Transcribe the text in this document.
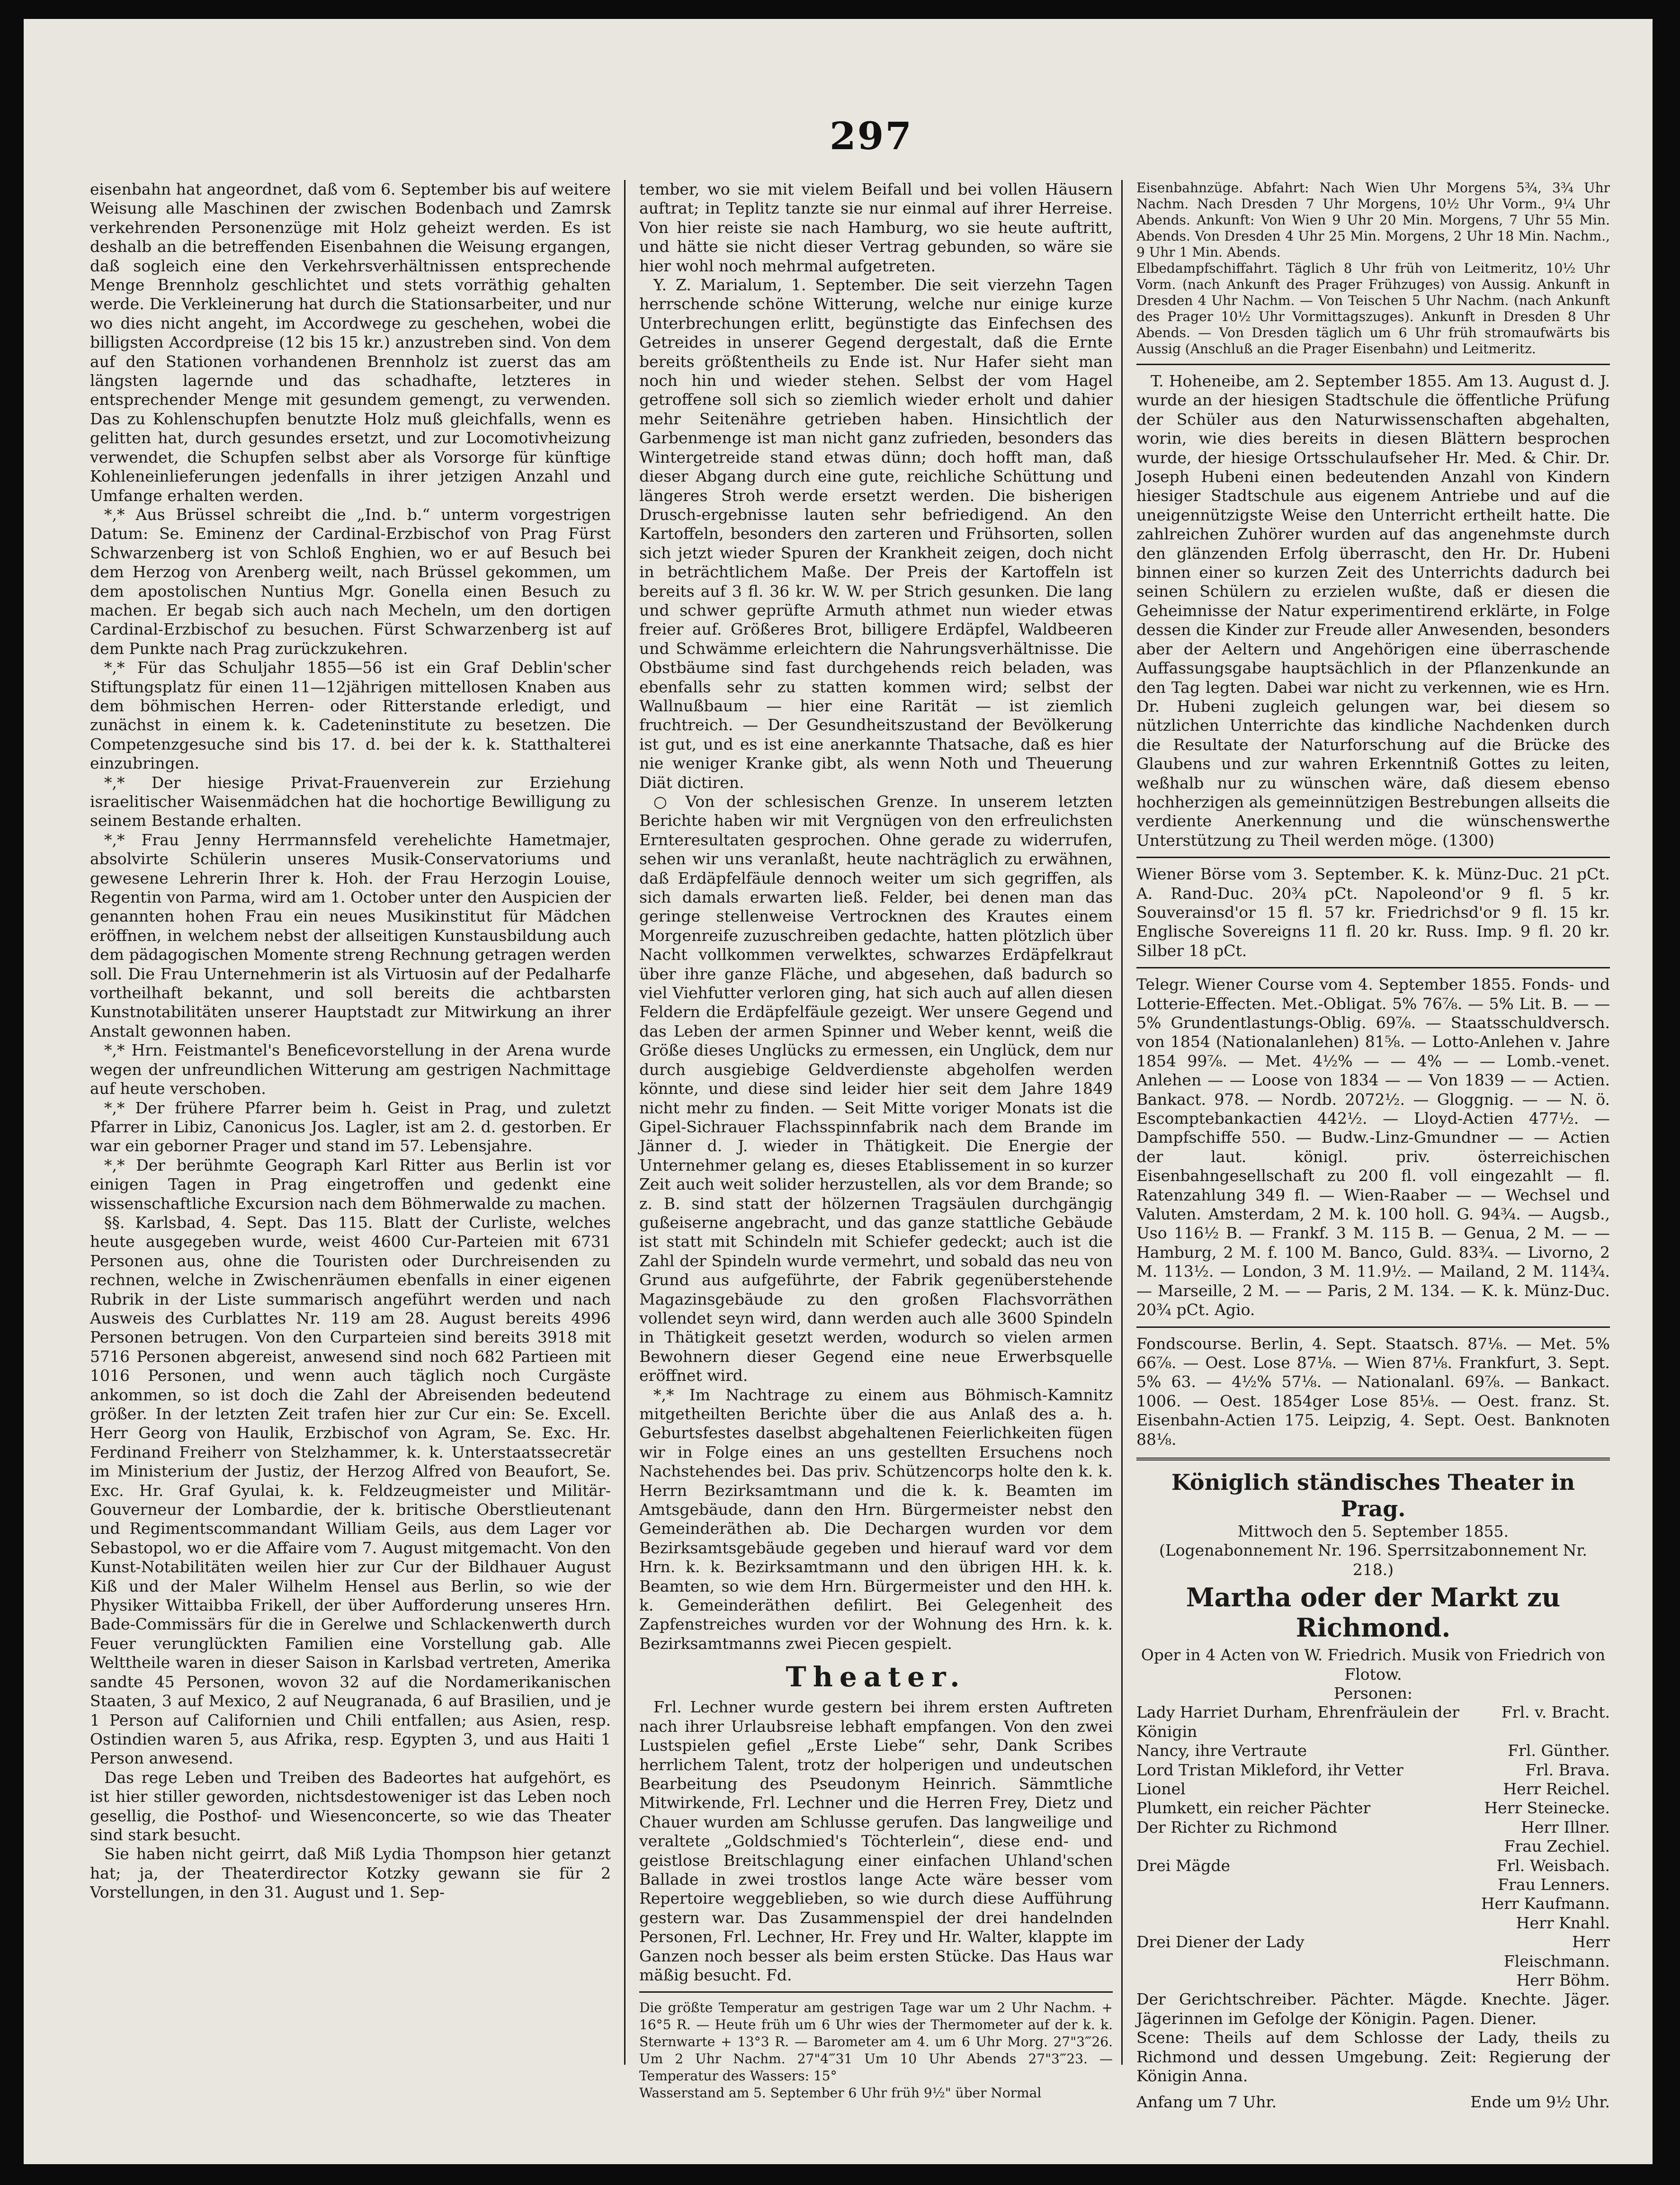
297

eisenbahn hat angeordnet, daß vom 6. September bis auf weitere Weisung alle Maschinen der zwischen Bodenbach und Zamrsk verkehrenden Personenzüge mit Holz geheizt werden. Es ist deshalb an die betreffenden Eisenbahnen die Weisung ergangen, daß sogleich eine den Verkehrsverhältnissen entsprechende Menge Brennholz geschlichtet und stets vorräthig gehalten werde. Die Verkleinerung hat durch die Stationsarbeiter, und nur wo dies nicht angeht, im Accordwege zu geschehen, wobei die billigsten Accordpreise (12 bis 15 kr.) anzustreben sind. Von dem auf den Stationen vorhandenen Brennholz ist zuerst das am längsten lagernde und das schadhafte, letzteres in entsprechender Menge mit gesundem gemengt, zu verwenden. Das zu Kohlenschupfen benutzte Holz muß gleichfalls, wenn es gelitten hat, durch gesundes ersetzt, und zur Locomotivheizung verwendet, die Schupfen selbst aber als Vorsorge für künftige Kohleneinlieferungen jedenfalls in ihrer jetzigen Anzahl und Umfange erhalten werden.

*,* Aus Brüssel schreibt die „Ind. b.“ unterm vorgestrigen Datum: Se. Eminenz der Cardinal-Erzbischof von Prag Fürst Schwarzenberg ist von Schloß Enghien, wo er auf Besuch bei dem Herzog von Arenberg weilt, nach Brüssel gekommen, um dem apostolischen Nuntius Mgr. Gonella einen Besuch zu machen. Er begab sich auch nach Mecheln, um den dortigen Cardinal-Erzbischof zu besuchen. Fürst Schwarzenberg ist auf dem Punkte nach Prag zurückzukehren.

*,* Für das Schuljahr 1855—56 ist ein Graf Deblin'scher Stiftungsplatz für einen 11—12jährigen mittellosen Knaben aus dem böhmischen Herren- oder Ritterstande erledigt, und zunächst in einem k. k. Cadeteninstitute zu besetzen. Die Competenzgesuche sind bis 17. d. bei der k. k. Statthalterei einzubringen.

*,* Der hiesige Privat-Frauenverein zur Erziehung israelitischer Waisenmädchen hat die hochortige Bewilligung zu seinem Bestande erhalten.

*,* Frau Jenny Herrmannsfeld verehelichte Hametmajer, absolvirte Schülerin unseres Musik-Conservatoriums und gewesene Lehrerin Ihrer k. Hoh. der Frau Herzogin Louise, Regentin von Parma, wird am 1. October unter den Auspicien der genannten hohen Frau ein neues Musikinstitut für Mädchen eröffnen, in welchem nebst der allseitigen Kunstausbildung auch dem pädagogischen Momente streng Rechnung getragen werden soll. Die Frau Unternehmerin ist als Virtuosin auf der Pedalharfe vortheilhaft bekannt, und soll bereits die achtbarsten Kunstnotabilitäten unserer Hauptstadt zur Mitwirkung an ihrer Anstalt gewonnen haben.

*,* Hrn. Feistmantel's Beneficevorstellung in der Arena wurde wegen der unfreundlichen Witterung am gestrigen Nachmittage auf heute verschoben.

*,* Der frühere Pfarrer beim h. Geist in Prag, und zuletzt Pfarrer in Libiz, Canonicus Jos. Lagler, ist am 2. d. gestorben. Er war ein geborner Prager und stand im 57. Lebensjahre.

*,* Der berühmte Geograph Karl Ritter aus Berlin ist vor einigen Tagen in Prag eingetroffen und gedenkt eine wissenschaftliche Excursion nach dem Böhmerwalde zu machen.

§§. Karlsbad, 4. Sept. Das 115. Blatt der Curliste, welches heute ausgegeben wurde, weist 4600 Cur-Parteien mit 6731 Personen aus, ohne die Touristen oder Durchreisenden zu rechnen, welche in Zwischenräumen ebenfalls in einer eigenen Rubrik in der Liste summarisch angeführt werden und nach Ausweis des Curblattes Nr. 119 am 28. August bereits 4996 Personen betrugen. Von den Curparteien sind bereits 3918 mit 5716 Personen abgereist, anwesend sind noch 682 Partieen mit 1016 Personen, und wenn auch täglich noch Curgäste ankommen, so ist doch die Zahl der Abreisenden bedeutend größer. In der letzten Zeit trafen hier zur Cur ein: Se. Excell. Herr Georg von Haulik, Erzbischof von Agram, Se. Exc. Hr. Ferdinand Freiherr von Stelzhammer, k. k. Unterstaatssecretär im Ministerium der Justiz, der Herzog Alfred von Beaufort, Se. Exc. Hr. Graf Gyulai, k. k. Feldzeugmeister und Militär-Gouverneur der Lombardie, der k. britische Oberstlieutenant und Regimentscommandant William Geils, aus dem Lager vor Sebastopol, wo er die Affaire vom 7. August mitgemacht. Von den Kunst-Notabilitäten weilen hier zur Cur der Bildhauer August Kiß und der Maler Wilhelm Hensel aus Berlin, so wie der Physiker Wittaibba Frikell, der über Aufforderung unseres Hrn. Bade-Commissärs für die in Gerelwe und Schlackenwerth durch Feuer verunglückten Familien eine Vorstellung gab. Alle Welttheile waren in dieser Saison in Karlsbad vertreten, Amerika sandte 45 Personen, wovon 32 auf die Nordamerikanischen Staaten, 3 auf Mexico, 2 auf Neugranada, 6 auf Brasilien, und je 1 Person auf Californien und Chili entfallen; aus Asien, resp. Ostindien waren 5, aus Afrika, resp. Egypten 3, und aus Haiti 1 Person anwesend.

Das rege Leben und Treiben des Badeortes hat aufgehört, es ist hier stiller geworden, nichtsdestoweniger ist das Leben noch gesellig, die Posthof- und Wiesenconcerte, so wie das Theater sind stark besucht.

Sie haben nicht geirrt, daß Miß Lydia Thompson hier getanzt hat; ja, der Theaterdirector Kotzky gewann sie für 2 Vorstellungen, in den 31. August und 1. Sep-

tember, wo sie mit vielem Beifall und bei vollen Häusern auftrat; in Teplitz tanzte sie nur einmal auf ihrer Herreise. Von hier reiste sie nach Hamburg, wo sie heute auftritt, und hätte sie nicht dieser Vertrag gebunden, so wäre sie hier wohl noch mehrmal aufgetreten.

Y. Z. Marialum, 1. September. Die seit vierzehn Tagen herrschende schöne Witterung, welche nur einige kurze Unterbrechungen erlitt, begünstigte das Einfechsen des Getreides in unserer Gegend dergestalt, daß die Ernte bereits größtentheils zu Ende ist. Nur Hafer sieht man noch hin und wieder stehen. Selbst der vom Hagel getroffene soll sich so ziemlich wieder erholt und dahier mehr Seitenähre getrieben haben. Hinsichtlich der Garbenmenge ist man nicht ganz zufrieden, besonders das Wintergetreide stand etwas dünn; doch hofft man, daß dieser Abgang durch eine gute, reichliche Schüttung und längeres Stroh werde ersetzt werden. Die bisherigen Drusch-ergebnisse lauten sehr befriedigend. An den Kartoffeln, besonders den zarteren und Frühsorten, sollen sich jetzt wieder Spuren der Krankheit zeigen, doch nicht in beträchtlichem Maße. Der Preis der Kartoffeln ist bereits auf 3 fl. 36 kr. W. W. per Strich gesunken. Die lang und schwer geprüfte Armuth athmet nun wieder etwas freier auf. Größeres Brot, billigere Erdäpfel, Waldbeeren und Schwämme erleichtern die Nahrungsverhältnisse. Die Obstbäume sind fast durchgehends reich beladen, was ebenfalls sehr zu statten kommen wird; selbst der Wallnußbaum — hier eine Rarität — ist ziemlich fruchtreich. — Der Gesundheitszustand der Bevölkerung ist gut, und es ist eine anerkannte Thatsache, daß es hier nie weniger Kranke gibt, als wenn Noth und Theuerung Diät dictiren.

○ Von der schlesischen Grenze. In unserem letzten Berichte haben wir mit Vergnügen von den erfreulichsten Ernteresultaten gesprochen. Ohne gerade zu widerrufen, sehen wir uns veranlaßt, heute nachträglich zu erwähnen, daß Erdäpfelfäule dennoch weiter um sich gegriffen, als sich damals erwarten ließ. Felder, bei denen man das geringe stellenweise Vertrocknen des Krautes einem Morgenreife zuzuschreiben gedachte, hatten plötzlich über Nacht vollkommen verwelktes, schwarzes Erdäpfelkraut über ihre ganze Fläche, und abgesehen, daß badurch so viel Viehfutter verloren ging, hat sich auch auf allen diesen Feldern die Erdäpfelfäule gezeigt. Wer unsere Gegend und das Leben der armen Spinner und Weber kennt, weiß die Größe dieses Unglücks zu ermessen, ein Unglück, dem nur durch ausgiebige Geldverdienste abgeholfen werden könnte, und diese sind leider hier seit dem Jahre 1849 nicht mehr zu finden. — Seit Mitte voriger Monats ist die Gipel-Sichrauer Flachsspinnfabrik nach dem Brande im Jänner d. J. wieder in Thätigkeit. Die Energie der Unternehmer gelang es, dieses Etablissement in so kurzer Zeit auch weit solider herzustellen, als vor dem Brande; so z. B. sind statt der hölzernen Tragsäulen durchgängig gußeiserne angebracht, und das ganze stattliche Gebäude ist statt mit Schindeln mit Schiefer gedeckt; auch ist die Zahl der Spindeln wurde vermehrt, und sobald das neu von Grund aus aufgeführte, der Fabrik gegenüberstehende Magazinsgebäude zu den großen Flachsvorräthen vollendet seyn wird, dann werden auch alle 3600 Spindeln in Thätigkeit gesetzt werden, wodurch so vielen armen Bewohnern dieser Gegend eine neue Erwerbsquelle eröffnet wird.

*,* Im Nachtrage zu einem aus Böhmisch-Kamnitz mitgetheilten Berichte über die aus Anlaß des a. h. Geburtsfestes daselbst abgehaltenen Feierlichkeiten fügen wir in Folge eines an uns gestellten Ersuchens noch Nachstehendes bei. Das priv. Schützencorps holte den k. k. Herrn Bezirksamtmann und die k. k. Beamten im Amtsgebäude, dann den Hrn. Bürgermeister nebst den Gemeinderäthen ab. Die Dechargen wurden vor dem Bezirksamtsgebäude gegeben und hierauf ward vor dem Hrn. k. k. Bezirksamtmann und den übrigen HH. k. k. Beamten, so wie dem Hrn. Bürgermeister und den HH. k. k. Gemeinderäthen defilirt. Bei Gelegenheit des Zapfenstreiches wurden vor der Wohnung des Hrn. k. k. Bezirksamtmanns zwei Piecen gespielt.

Theater.

Frl. Lechner wurde gestern bei ihrem ersten Auftreten nach ihrer Urlaubsreise lebhaft empfangen. Von den zwei Lustspielen gefiel „Erste Liebe“ sehr, Dank Scribes herrlichem Talent, trotz der holperigen und undeutschen Bearbeitung des Pseudonym Heinrich. Sämmtliche Mitwirkende, Frl. Lechner und die Herren Frey, Dietz und Chauer wurden am Schlusse gerufen. Das langweilige und veraltete „Goldschmied's Töchterlein“, diese end- und geistlose Breitschlagung einer einfachen Uhland'schen Ballade in zwei trostlos lange Acte wäre besser vom Repertoire weggeblieben, so wie durch diese Aufführung gestern war. Das Zusammenspiel der drei handelnden Personen, Frl. Lechner, Hr. Frey und Hr. Walter, klappte im Ganzen noch besser als beim ersten Stücke. Das Haus war mäßig besucht. Fd.

Die größte Temperatur am gestrigen Tage war um 2 Uhr Nachm. + 16°5 R. — Heute früh um 6 Uhr wies der Thermometer auf der k. k. Sternwarte + 13°3 R. — Barometer am 4. um 6 Uhr Morg. 27"3‴26. Um 2 Uhr Nachm. 27"4‴31 Um 10 Uhr Abends 27"3‴23. — Temperatur des Wassers: 15°

Wasserstand am 5. September 6 Uhr früh 9½" über Normal

Eisenbahnzüge. Abfahrt: Nach Wien Uhr Morgens 5¾, 3¾ Uhr Nachm. Nach Dresden 7 Uhr Morgens, 10½ Uhr Vorm., 9¼ Uhr Abends. Ankunft: Von Wien 9 Uhr 20 Min. Morgens, 7 Uhr 55 Min. Abends. Von Dresden 4 Uhr 25 Min. Morgens, 2 Uhr 18 Min. Nachm., 9 Uhr 1 Min. Abends.

Elbedampfschiffahrt. Täglich 8 Uhr früh von Leitmeritz, 10½ Uhr Vorm. (nach Ankunft des Prager Frühzuges) von Aussig. Ankunft in Dresden 4 Uhr Nachm. — Von Teischen 5 Uhr Nachm. (nach Ankunft des Prager 10½ Uhr Vormittagszuges). Ankunft in Dresden 8 Uhr Abends. — Von Dresden täglich um 6 Uhr früh stromaufwärts bis Aussig (Anschluß an die Prager Eisenbahn) und Leitmeritz.

T. Hoheneibe, am 2. September 1855. Am 13. August d. J. wurde an der hiesigen Stadtschule die öffentliche Prüfung der Schüler aus den Naturwissenschaften abgehalten, worin, wie dies bereits in diesen Blättern besprochen wurde, der hiesige Ortsschulaufseher Hr. Med. & Chir. Dr. Joseph Hubeni einen bedeutenden Anzahl von Kindern hiesiger Stadtschule aus eigenem Antriebe und auf die uneigennützigste Weise den Unterricht ertheilt hatte. Die zahlreichen Zuhörer wurden auf das angenehmste durch den glänzenden Erfolg überrascht, den Hr. Dr. Hubeni binnen einer so kurzen Zeit des Unterrichts dadurch bei seinen Schülern zu erzielen wußte, daß er diesen die Geheimnisse der Natur experimentirend erklärte, in Folge dessen die Kinder zur Freude aller Anwesenden, besonders aber der Aeltern und Angehörigen eine überraschende Auffassungsgabe hauptsächlich in der Pflanzenkunde an den Tag legten. Dabei war nicht zu verkennen, wie es Hrn. Dr. Hubeni zugleich gelungen war, bei diesem so nützlichen Unterrichte das kindliche Nachdenken durch die Resultate der Naturforschung auf die Brücke des Glaubens und zur wahren Erkenntniß Gottes zu leiten, weßhalb nur zu wünschen wäre, daß diesem ebenso hochherzigen als gemeinnützigen Bestrebungen allseits die verdiente Anerkennung und die wünschenswerthe Unterstützung zu Theil werden möge. (1300)

Wiener Börse vom 3. September. K. k. Münz-Duc. 21 pCt. A. Rand-Duc. 20¾ pCt. Napoleond'or 9 fl. 5 kr. Souverainsd'or 15 fl. 57 kr. Friedrichsd'or 9 fl. 15 kr. Englische Sovereigns 11 fl. 20 kr. Russ. Imp. 9 fl. 20 kr. Silber 18 pCt.

Telegr. Wiener Course vom 4. September 1855. Fonds- und Lotterie-Effecten. Met.-Obligat. 5% 76⅞. — 5% Lit. B. — — 5% Grundentlastungs-Oblig. 69⅞. — Staatsschuldversch. von 1854 (Nationalanlehen) 81⅝. — Lotto-Anlehen v. Jahre 1854 99⅞. — Met. 4½% — — 4% — — Lomb.-venet. Anlehen — — Loose von 1834 — — Von 1839 — — Actien. Bankact. 978. — Nordb. 2072½. — Gloggnig. — — N. ö. Escomptebankactien 442½. — Lloyd-Actien 477½. — Dampfschiffe 550. — Budw.-Linz-Gmundner — — Actien der laut. königl. priv. österreichischen Eisenbahngesellschaft zu 200 fl. voll eingezahlt — fl. Ratenzahlung 349 fl. — Wien-Raaber — — Wechsel und Valuten. Amsterdam, 2 M. k. 100 holl. G. 94¾. — Augsb., Uso 116½ B. — Frankf. 3 M. 115 B. — Genua, 2 M. — — Hamburg, 2 M. f. 100 M. Banco, Guld. 83¾. — Livorno, 2 M. 113½. — London, 3 M. 11.9½. — Mailand, 2 M. 114¾. — Marseille, 2 M. — — Paris, 2 M. 134. — K. k. Münz-Duc. 20¾ pCt. Agio.

Fondscourse. Berlin, 4. Sept. Staatsch. 87⅛. — Met. 5% 66⅞. — Oest. Lose 87⅛. — Wien 87⅛. Frankfurt, 3. Sept. 5% 63. — 4½% 57⅛. — Nationalanl. 69⅞. — Bankact. 1006. — Oest. 1854ger Lose 85⅛. — Oest. franz. St. Eisenbahn-Actien 175. Leipzig, 4. Sept. Oest. Banknoten 88⅛.

Königlich ständisches Theater in Prag.

Mittwoch den 5. September 1855.

(Logenabonnement Nr. 196. Sperrsitzabonnement Nr. 218.)

Martha oder der Markt zu Richmond.

Oper in 4 Acten von W. Friedrich. Musik von Friedrich von Flotow.

Personen:

Lady Harriet Durham, Ehrenfräulein der Königin	Frl. v. Bracht.
Nancy, ihre Vertraute	Frl. Günther.
Lord Tristan Mikleford, ihr Vetter	Frl. Brava.
Lionel	Herr Reichel.
Plumkett, ein reicher Pächter	Herr Steinecke.
Der Richter zu Richmond	Herr Illner.
	Frau Zechiel.
Drei Mägde	Frl. Weisbach.
	Frau Lenners.
	Herr Kaufmann.
	Herr Knahl.
Drei Diener der Lady	Herr Fleischmann.
	Herr Böhm.

Der Gerichtschreiber. Pächter. Mägde. Knechte. Jäger. Jägerinnen im Gefolge der Königin. Pagen. Diener.

Scene: Theils auf dem Schlosse der Lady, theils zu Richmond und dessen Umgebung. Zeit: Regierung der Königin Anna.

Anfang um 7 Uhr.	Ende um 9½ Uhr.
